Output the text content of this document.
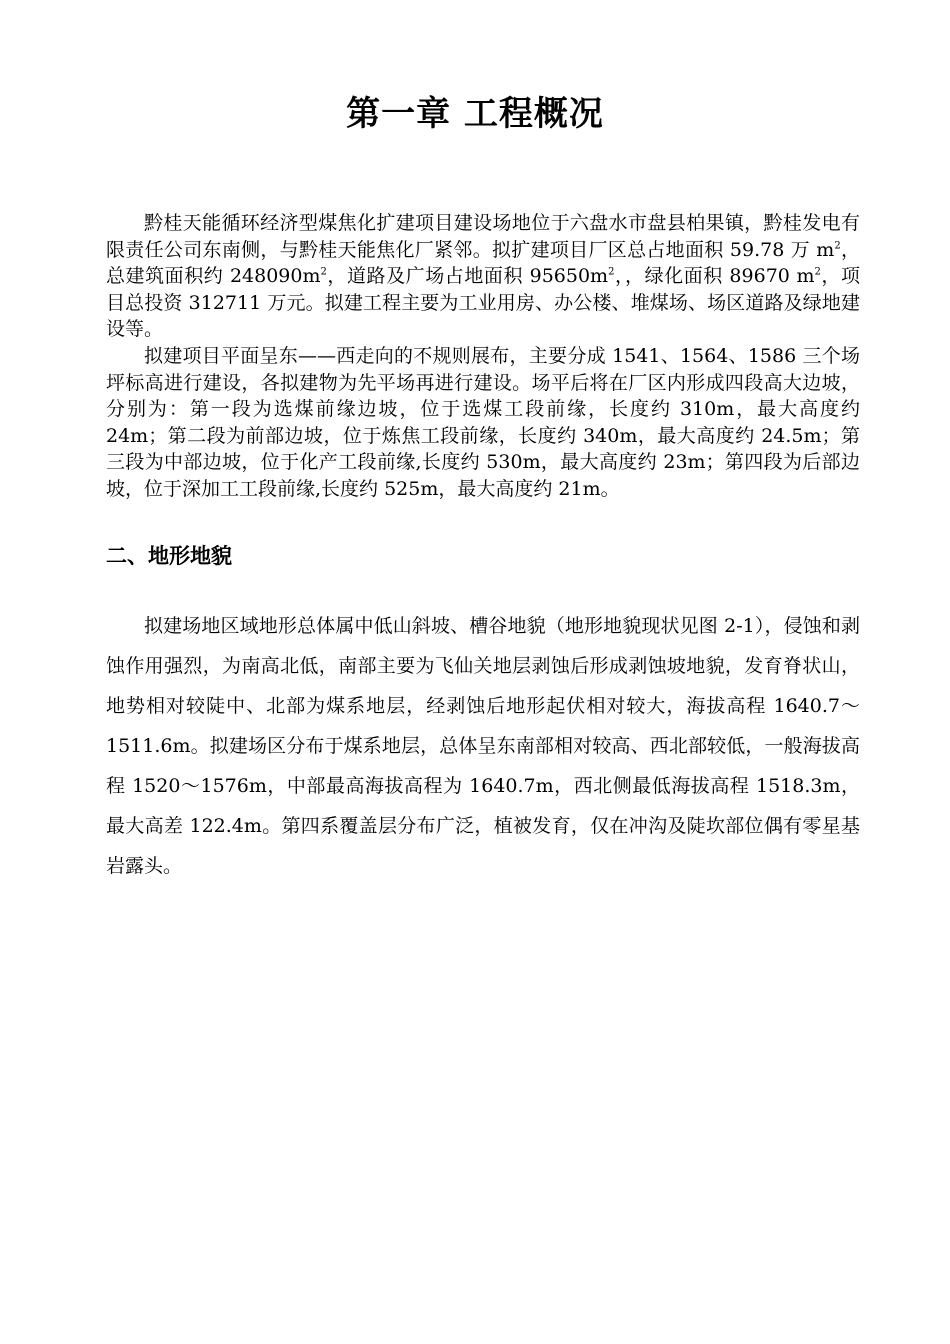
第一章 工程概况

黔桂天能循环经济型煤焦化扩建项目建设场地位于六盘水市盘县柏果镇，黔桂发电有限责任公司东南侧，与黔桂天能焦化厂紧邻。拟扩建项目厂区总占地面积 59.78 万 $m^2$，总建筑面积约 $248090m^2$，道路及广场占地面积 $95650m^2$，，绿化面积 89670 $m^2$，项目总投资 312711 万元。拟建工程主要为工业用房、办公楼、堆煤场、场区道路及绿地建设等。

拟建项目平面呈东——西走向的不规则展布，主要分成 1541、1564、1586 三个场坪标高进行建设，各拟建物为先平场再进行建设。场平后将在厂区内形成四段高大边坡，分别为：第一段为选煤前缘边坡，位于选煤工段前缘，长度约 310m，最大高度约 24m；第二段为前部边坡，位于炼焦工段前缘，长度约 340m，最大高度约 24.5m；第三段为中部边坡，位于化产工段前缘,长度约 530m，最大高度约 23m；第四段为后部边坡，位于深加工工段前缘,长度约 525m，最大高度约 21m。

二、地形地貌

拟建场地区域地形总体属中低山斜坡、槽谷地貌（地形地貌现状见图 2-1），侵蚀和剥蚀作用强烈，为南高北低，南部主要为飞仙关地层剥蚀后形成剥蚀坡地貌，发育脊状山，地势相对较陡中、北部为煤系地层，经剥蚀后地形起伏相对较大，海拔高程 1640.7～1511.6m。拟建场区分布于煤系地层，总体呈东南部相对较高、西北部较低，一般海拔高程 1520～1576m，中部最高海拔高程为 1640.7m，西北侧最低海拔高程 1518.3m，最大高差 122.4m。第四系覆盖层分布广泛，植被发育，仅在冲沟及陡坎部位偶有零星基岩露头。
